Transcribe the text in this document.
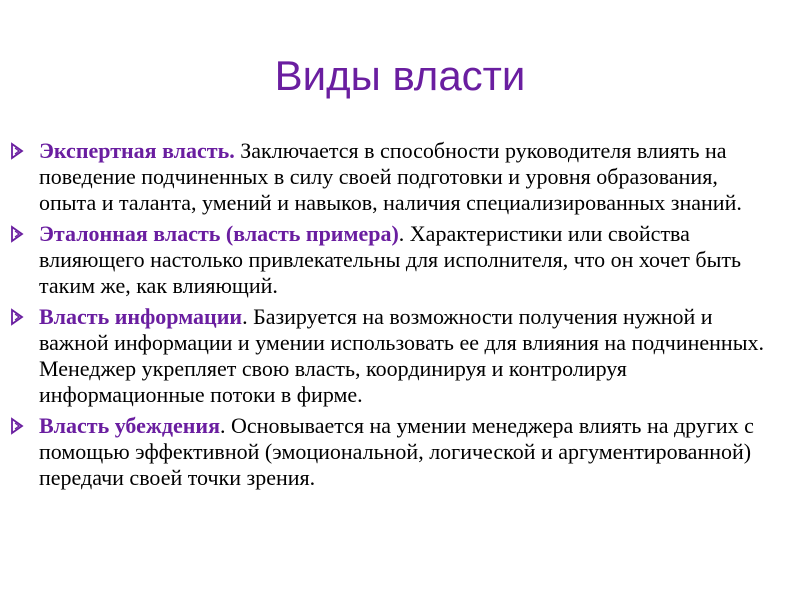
Виды власти
Экспертная власть. Заключается в способности руководителя влиять на поведение подчиненных в силу своей подготовки и уровня образования, опыта и таланта, умений и навыков, наличия специализированных знаний.
Эталонная власть (власть примера). Характеристики или свойства влияющего настолько привлекательны для исполнителя, что он хочет быть таким же, как влияющий.
Власть информации. Базируется на возможности получения нужной и важной информации и умении использовать ее для влияния на подчиненных. Менеджер укрепляет свою власть, координируя и контролируя информационные потоки в фирме.
Власть убеждения. Основывается на умении менеджера влиять на других с помощью эффективной (эмоциональной, логической и аргументированной) передачи своей точки зрения.
